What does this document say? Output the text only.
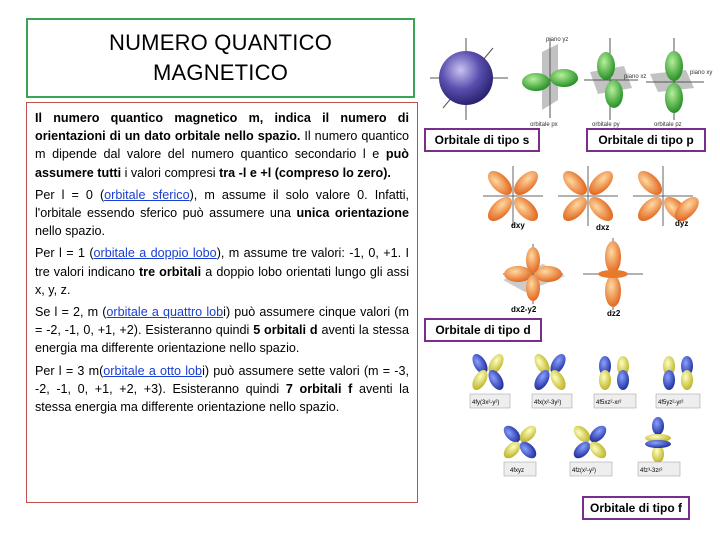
NUMERO QUANTICO
MAGNETICO

Il numero quantico magnetico m, indica il numero di orientazioni di un dato orbitale nello spazio. Il numero quantico m dipende dal valore del numero quantico secondario l e può assumere tutti i valori compresi tra -l e +l (compreso lo zero).

Per l = 0 (orbitale sferico), m assume il solo valore 0. Infatti, l'orbitale essendo sferico può assumere una unica orientazione nello spazio.

Per l = 1 (orbitale a doppio lobo), m assume tre valori: -1, 0, +1. I tre valori indicano tre orbitali a doppio lobo orientati lungo gli assi x, y, z.

Se l = 2, m (orbitale a quattro lobi) può assumere cinque valori (m = -2, -1, 0, +1, +2). Esisteranno quindi 5 orbitali d aventi la stessa energia ma differente orientazione nello spazio.

Per l = 3 m(orbitale a otto lobi) può assumere sette valori (m = -3, -2, -1, 0, +1, +2, +3). Esisteranno quindi 7 orbitali f aventi la stessa energia ma differente orientazione nello spazio.

piano yz
orbitale px
piano xz
orbitale py
piano xy
orbitale pz
Orbitale di tipo s	Orbitale di tipo p
dxy	dxz	dyz
dx2-y2	dz2
Orbitale di tipo d
4fy(3x²-y²)	4fx(x²-3y²)	4f5xz²-xr²	4f5yz²-yr²
4fxyz	4fz(x²-y²)	4fz³-3zr²
Orbitale di tipo f
